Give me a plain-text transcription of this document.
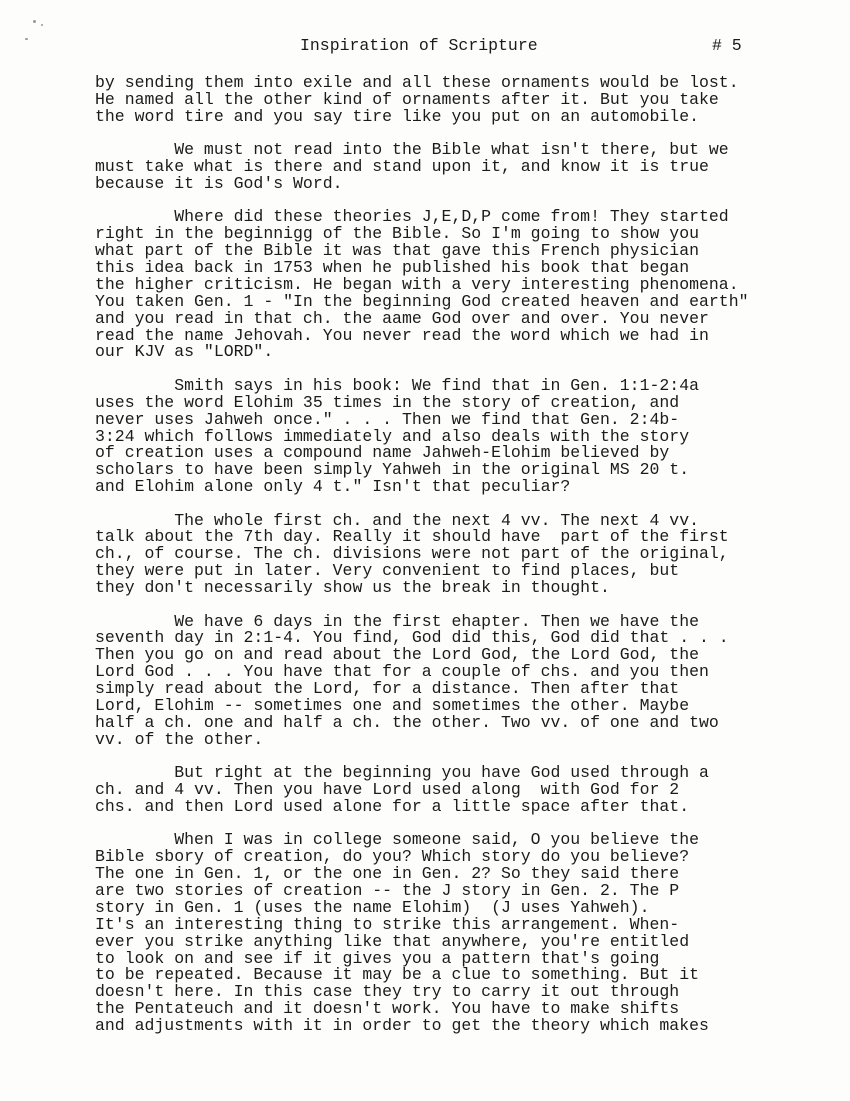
Inspiration of Scripture	# 5
by sending them into exile and all these ornaments would be lost.
He named all the other kind of ornaments after it. But you take
the word tire and you say tire like you put on an automobile.
We must not read into the Bible what isn't there, but we
must take what is there and stand upon it, and know it is true
because it is God's Word.
Where did these theories J,E,D,P come from! They started
right in the beginnigg of the Bible. So I'm going to show you
what part of the Bible it was that gave this French physician
this idea back in 1753 when he published his book that began
the higher criticism. He began with a very interesting phenomena.
You taken Gen. 1 - "In the beginning God created heaven and earth"
and you read in that ch. the aame God over and over. You never
read the name Jehovah. You never read the word which we had in
our KJV as "LORD".
Smith says in his book: We find that in Gen. 1:1-2:4a
uses the word Elohim 35 times in the story of creation, and
never uses Jahweh once." . . . Then we find that Gen. 2:4b-
3:24 which follows immediately and also deals with the story
of creation uses a compound name Jahweh-Elohim believed by
scholars to have been simply Yahweh in the original MS 20 t.
and Elohim alone only 4 t." Isn't that peculiar?
The whole first ch. and the next 4 vv. The next 4 vv.
talk about the 7th day. Really it should have  part of the first
ch., of course. The ch. divisions were not part of the original,
they were put in later. Very convenient to find places, but
they don't necessarily show us the break in thought.
We have 6 days in the first ehapter. Then we have the
seventh day in 2:1-4. You find, God did this, God did that . . .
Then you go on and read about the Lord God, the Lord God, the
Lord God . . . You have that for a couple of chs. and you then
simply read about the Lord, for a distance. Then after that
Lord, Elohim -- sometimes one and sometimes the other. Maybe
half a ch. one and half a ch. the other. Two vv. of one and two
vv. of the other.
But right at the beginning you have God used through a
ch. and 4 vv. Then you have Lord used along  with God for 2
chs. and then Lord used alone for a little space after that.
When I was in college someone said, O you believe the
Bible sbory of creation, do you? Which story do you believe?
The one in Gen. 1, or the one in Gen. 2? So they said there
are two stories of creation -- the J story in Gen. 2. The P
story in Gen. 1 (uses the name Elohim)  (J uses Yahweh).
It's an interesting thing to strike this arrangement. When-
ever you strike anything like that anywhere, you're entitled
to look on and see if it gives you a pattern that's going
to be repeated. Because it may be a clue to something. But it
doesn't here. In this case they try to carry it out through
the Pentateuch and it doesn't work. You have to make shifts
and adjustments with it in order to get the theory which makes
